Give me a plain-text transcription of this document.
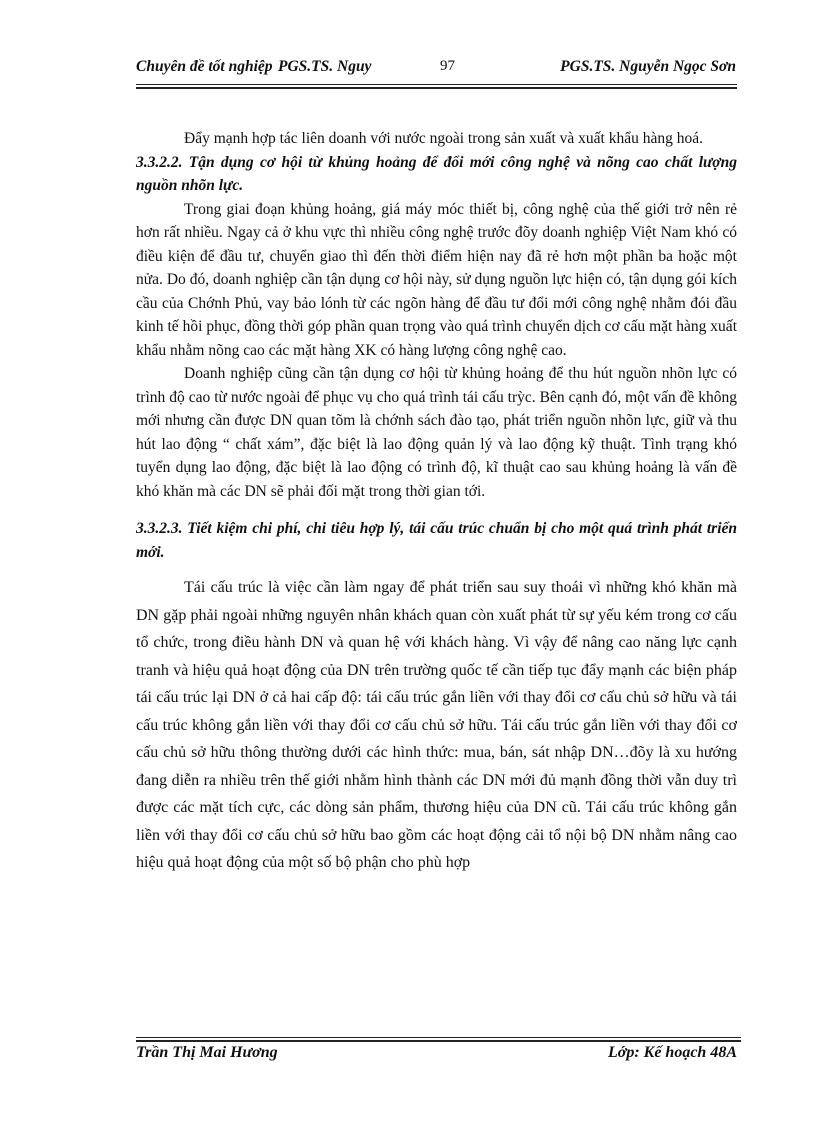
Chuyên đề tốt nghiệp PGS.TS. Nguy	97	PGS.TS. Nguyễn Ngọc Sơn

Đẩy mạnh hợp tác liên doanh với nước ngoài trong sản xuất và xuất khẩu hàng hoá.

3.3.2.2. Tận dụng cơ hội từ khủng hoảng để đổi mới công nghệ và nõng cao chất lượng nguồn nhõn lực.

Trong giai đoạn khủng hoảng, giá máy móc thiết bị, công nghệ của thế giới trở nên rẻ hơn rất nhiều. Ngay cả ở khu vực thì nhiều công nghệ trước đõy doanh nghiệp Việt Nam khó có điều kiện để đầu tư, chuyển giao thì đến thời điểm hiện nay đã rẻ hơn một phần ba hoặc một nửa. Do đó, doanh nghiệp cần tận dụng cơ hội này, sử dụng nguồn lực hiện có, tận dụng gói kích cầu của Chớnh Phủ, vay bảo lónh từ các ngõn hàng để đầu tư đổi mới công nghệ nhằm đói đầu kinh tế hồi phục, đồng thời góp phần quan trọng vào quá trình chuyển dịch cơ cấu mặt hàng xuất khẩu nhằm nõng cao các mặt hàng XK có hàng lượng công nghệ cao.

Doanh nghiệp cũng cần tận dụng cơ hội từ khủng hoảng để thu hút nguồn nhõn lực có trình độ cao từ nước ngoài để phục vụ cho quá trình tái cấu trỳc. Bên cạnh đó, một vấn đề không mới nhưng cần được DN quan tõm là chớnh sách đào tạo, phát triển nguồn nhõn lực, giữ và thu hút lao động “ chất xám”, đặc biệt là lao động quản lý và lao động kỹ thuật. Tình trạng khó tuyển dụng lao động, đặc biệt là lao động có trình độ, kĩ thuật cao sau khủng hoảng là vấn đề khó khăn mà các DN sẽ phải đối mặt trong thời gian tới.

3.3.2.3. Tiết kiệm chi phí, chi tiêu hợp lý, tái cấu trúc chuẩn bị cho một quá trình phát triển mới.

Tái cấu trúc là việc cần làm ngay để phát triển sau suy thoái vì những khó khăn mà DN gặp phải ngoài những nguyên nhân khách quan còn xuất phát từ sự yếu kém trong cơ cấu tổ chức, trong điều hành DN và quan hệ với khách hàng. Vì vậy để nâng cao năng lực cạnh tranh và hiệu quả hoạt động của DN trên trường quốc tế cần tiếp tục đẩy mạnh các biện pháp tái cấu trúc lại DN ở cả hai cấp độ: tái cấu trúc gắn liền với thay đổi cơ cấu chủ sở hữu và tái cấu trúc không gắn liền với thay đổi cơ cấu chủ sở hữu. Tái cấu trúc gắn liền với thay đổi cơ cấu chủ sở hữu thông thường dưới các hình thức: mua, bán, sát nhập DN…đõy là xu hướng đang diễn ra nhiều trên thế giới nhằm hình thành các DN mới đủ mạnh đồng thời vẫn duy trì được các mặt tích cực, các dòng sản phẩm, thương hiệu của DN cũ. Tái cấu trúc không gắn liền với thay đổi cơ cấu chủ sở hữu bao gồm các hoạt động cải tổ nội bộ DN nhằm nâng cao hiệu quả hoạt động của một số bộ phận cho phù hợp

Trần Thị Mai Hương	Lớp: Kế hoạch 48A
